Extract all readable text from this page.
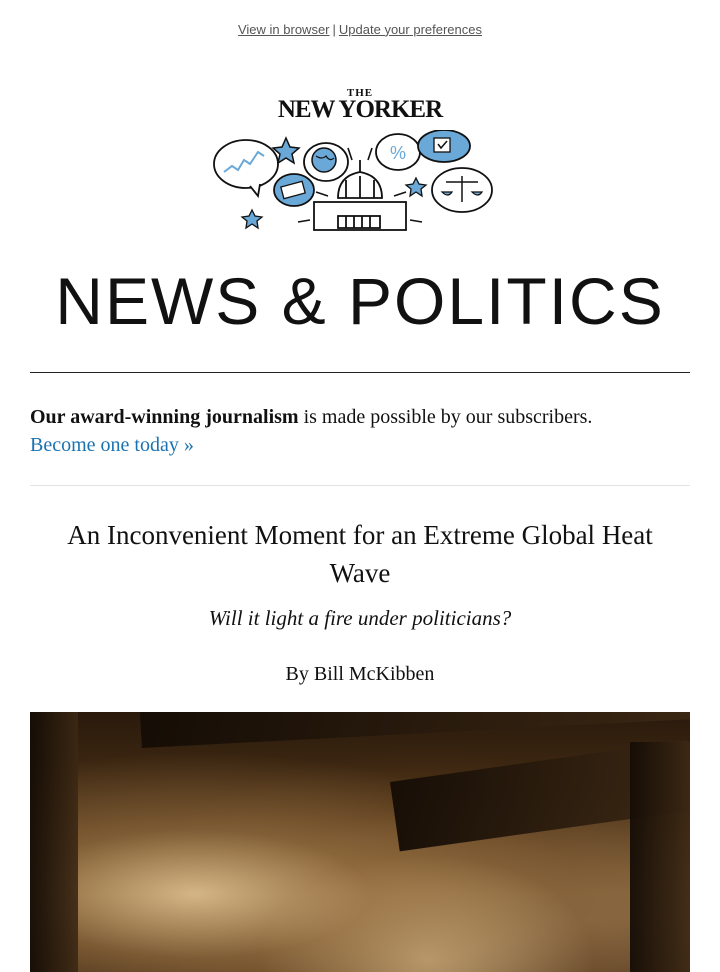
View in browser | Update your preferences
THE
NEW YORKER
%
NEWS & POLITICS
Our award-winning journalism is made possible by our subscribers.
Become one today »
An Inconvenient Moment for an Extreme Global Heat Wave
Will it light a fire under politicians?
By Bill McKibben
